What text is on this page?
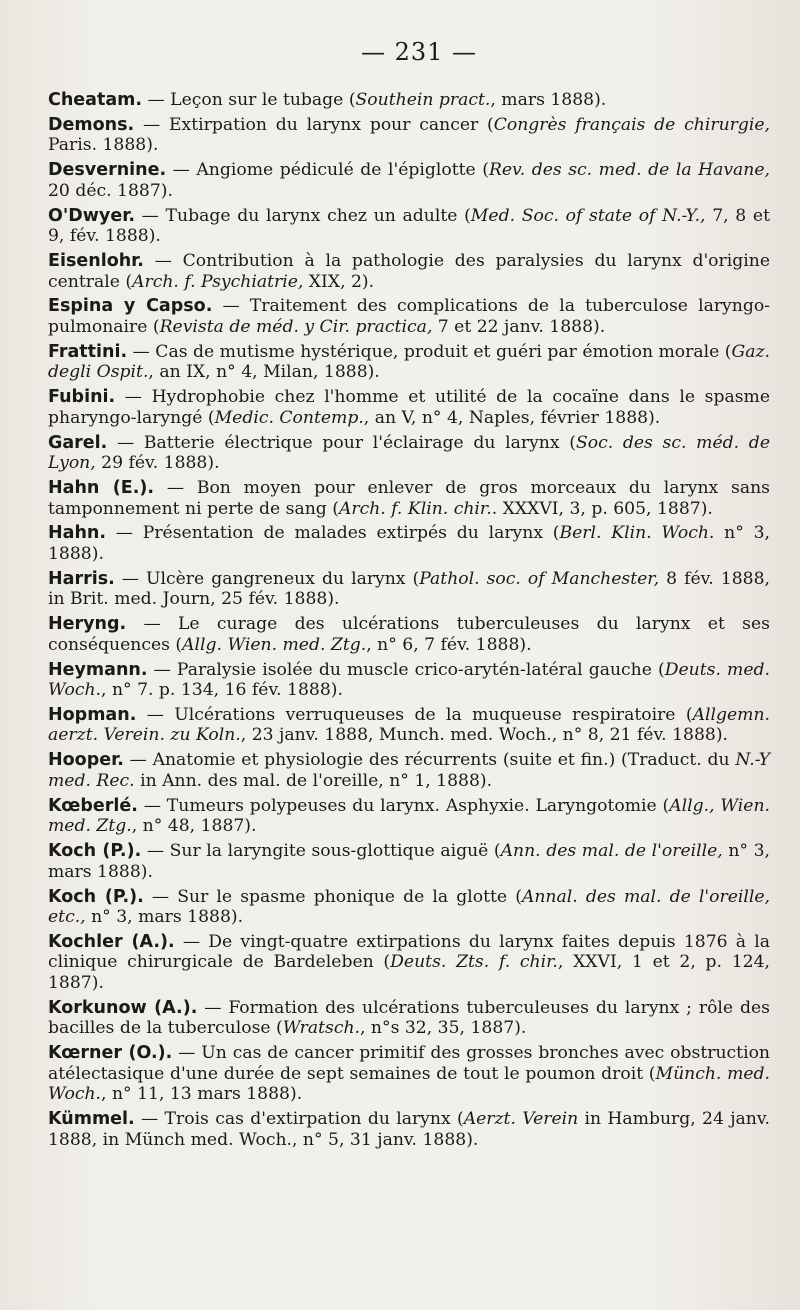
— 231 —
Cheatam. — Leçon sur le tubage (Southein pract., mars 1888).
Demons. — Extirpation du larynx pour cancer (Congrès français de chirurgie, Paris. 1888).
Desvernine. — Angiome pédiculé de l'épiglotte (Rev. des sc. med. de la Havane, 20 déc. 1887).
O'Dwyer. — Tubage du larynx chez un adulte (Med. Soc. of state of N.-Y., 7, 8 et 9, fév. 1888).
Eisenlohr. — Contribution à la pathologie des paralysies du larynx d'origine centrale (Arch. f. Psychiatrie, XIX, 2).
Espina y Capso. — Traitement des complications de la tuberculose laryngo-pulmonaire (Revista de méd. y Cir. practica, 7 et 22 janv. 1888).
Frattini. — Cas de mutisme hystérique, produit et guéri par émotion morale (Gaz. degli Ospit., an IX, n° 4, Milan, 1888).
Fubini. — Hydrophobie chez l'homme et utilité de la cocaïne dans le spasme pharyngo-laryngé (Medic. Contemp., an V, n° 4, Naples, février 1888).
Garel. — Batterie électrique pour l'éclairage du larynx (Soc. des sc. méd. de Lyon, 29 fév. 1888).
Hahn (E.). — Bon moyen pour enlever de gros morceaux du larynx sans tamponnement ni perte de sang (Arch. f. Klin. chir.. XXXVI, 3, p. 605, 1887).
Hahn. — Présentation de malades extirpés du larynx (Berl. Klin. Woch. n° 3, 1888).
Harris. — Ulcère gangreneux du larynx (Pathol. soc. of Manchester, 8 fév. 1888, in Brit. med. Journ, 25 fév. 1888).
Heryng. — Le curage des ulcérations tuberculeuses du larynx et ses conséquences (Allg. Wien. med. Ztg., n° 6, 7 fév. 1888).
Heymann. — Paralysie isolée du muscle crico-arytén-latéral gauche (Deuts. med. Woch., n° 7. p. 134, 16 fév. 1888).
Hopman. — Ulcérations verruqueuses de la muqueuse respiratoire (Allgemn. aerzt. Verein. zu Koln., 23 janv. 1888, Munch. med. Woch., n° 8, 21 fév. 1888).
Hooper. — Anatomie et physiologie des récurrents (suite et fin.) (Traduct. du N.-Y med. Rec. in Ann. des mal. de l'oreille, n° 1, 1888).
Kœberlé. — Tumeurs polypeuses du larynx. Asphyxie. Laryngotomie (Allg., Wien. med. Ztg., n° 48, 1887).
Koch (P.). — Sur la laryngite sous-glottique aiguë (Ann. des mal. de l'oreille, n° 3, mars 1888).
Koch (P.). — Sur le spasme phonique de la glotte (Annal. des mal. de l'oreille, etc., n° 3, mars 1888).
Kochler (A.). — De vingt-quatre extirpations du larynx faites depuis 1876 à la clinique chirurgicale de Bardeleben (Deuts. Zts. f. chir., XXVI, 1 et 2, p. 124, 1887).
Korkunow (A.). — Formation des ulcérations tuberculeuses du larynx ; rôle des bacilles de la tuberculose (Wratsch., n°s 32, 35, 1887).
Kœrner (O.). — Un cas de cancer primitif des grosses bronches avec obstruction atélectasique d'une durée de sept semaines de tout le poumon droit (Münch. med. Woch., n° 11, 13 mars 1888).
Kümmel. — Trois cas d'extirpation du larynx (Aerzt. Verein in Hamburg, 24 janv. 1888, in Münch med. Woch., n° 5, 31 janv. 1888).
